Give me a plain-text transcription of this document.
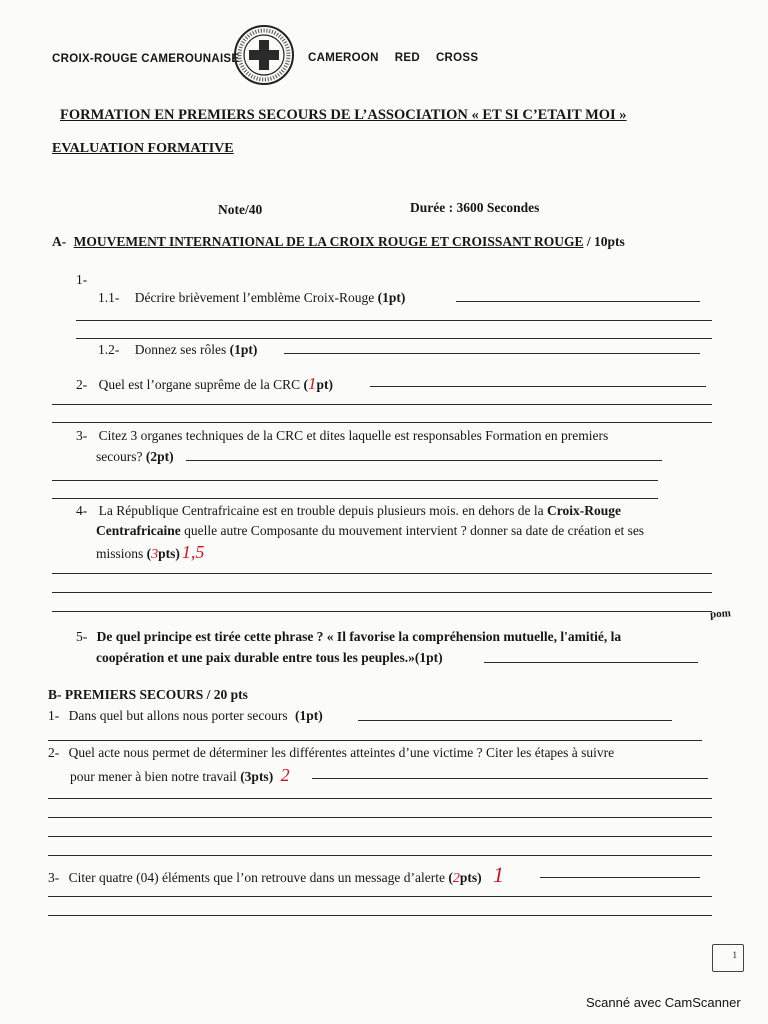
CROIX-ROUGE CAMEROUNAISE	CAMEROON RED CROSS
FORMATION EN PREMIERS SECOURS DE L’ASSOCIATION « ET SI C’ETAIT MOI »
EVALUATION FORMATIVE
Note/40	Durée : 3600 Secondes
A- MOUVEMENT INTERNATIONAL DE LA CROIX ROUGE ET CROISSANT ROUGE / 10pts
1-
1.1- Décrire brièvement l’emblème Croix-Rouge (1pt)
1.2- Donnez ses rôles (1pt)
2- Quel est l’organe suprême de la CRC (1pt)
3- Citez 3 organes techniques de la CRC et dites laquelle est responsables Formation en premiers
secours? (2pt)
4- La République Centrafricaine est en trouble depuis plusieurs mois. en dehors de la Croix-Rouge
Centrafricaine quelle autre Composante du mouvement intervient ? donner sa date de création et ses
missions (3pts) 1,5
pom
5- De quel principe est tirée cette phrase ? « Il favorise la compréhension mutuelle, l'amitié, la
coopération et une paix durable entre tous les peuples.»(1pt)
B- PREMIERS SECOURS / 20 pts
1- Dans quel but allons nous porter secours (1pt)
2- Quel acte nous permet de déterminer les différentes atteintes d’une victime ? Citer les étapes à suivre
pour mener à bien notre travail (3pts) 2
3- Citer quatre (04) éléments que l’on retrouve dans un message d’alerte (2pts) 1
1
Scanné avec CamScanner
